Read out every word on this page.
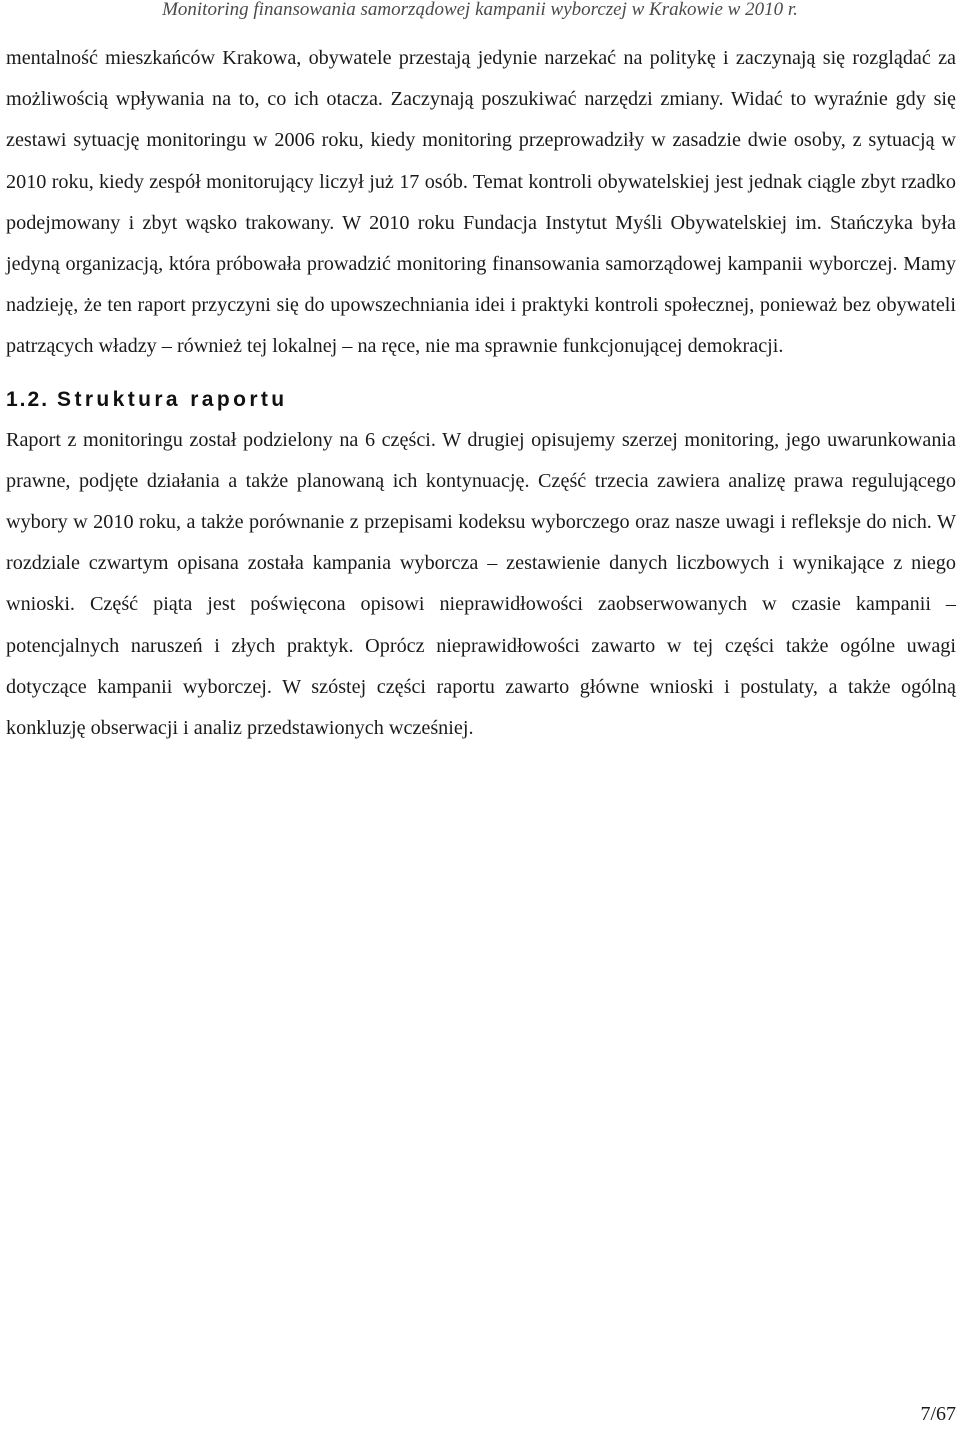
Monitoring finansowania samorządowej kampanii wyborczej w Krakowie w 2010 r.

mentalność mieszkańców Krakowa, obywatele przestają jedynie narzekać na politykę i zaczynają się rozglądać za możliwością wpływania na to, co ich otacza. Zaczynają poszukiwać narzędzi zmiany. Widać to wyraźnie gdy się zestawi sytuację monitoringu w 2006 roku, kiedy monitoring przeprowadziły w zasadzie dwie osoby, z sytuacją w 2010 roku, kiedy zespół monitorujący liczył już 17 osób. Temat kontroli obywatelskiej jest jednak ciągle zbyt rzadko podejmowany i zbyt wąsko trakowany. W 2010 roku Fundacja Instytut Myśli Obywatelskiej im. Stańczyka była jedyną organizacją, która próbowała prowadzić monitoring finansowania samorządowej kampanii wyborczej. Mamy nadzieję, że ten raport przyczyni się do upowszechniania idei i praktyki kontroli społecznej, ponieważ bez obywateli patrzących władzy – również tej lokalnej – na ręce, nie ma sprawnie funkcjonującej demokracji.

1.2. Struktura raportu

Raport z monitoringu został podzielony na 6 części. W drugiej opisujemy szerzej monitoring, jego uwarunkowania prawne, podjęte działania a także planowaną ich kontynuację. Część trzecia zawiera analizę prawa regulującego wybory w 2010 roku, a także porównanie z przepisami kodeksu wyborczego oraz nasze uwagi i refleksje do nich. W rozdziale czwartym opisana została kampania wyborcza – zestawienie danych liczbowych i wynikające z niego wnioski. Część piąta jest poświęcona opisowi nieprawidłowości zaobserwowanych w czasie kampanii – potencjalnych naruszeń i złych praktyk. Oprócz nieprawidłowości zawarto w tej części także ogólne uwagi dotyczące kampanii wyborczej. W szóstej części raportu zawarto główne wnioski i postulaty, a także ogólną konkluzję obserwacji i analiz przedstawionych wcześniej.

7/67
